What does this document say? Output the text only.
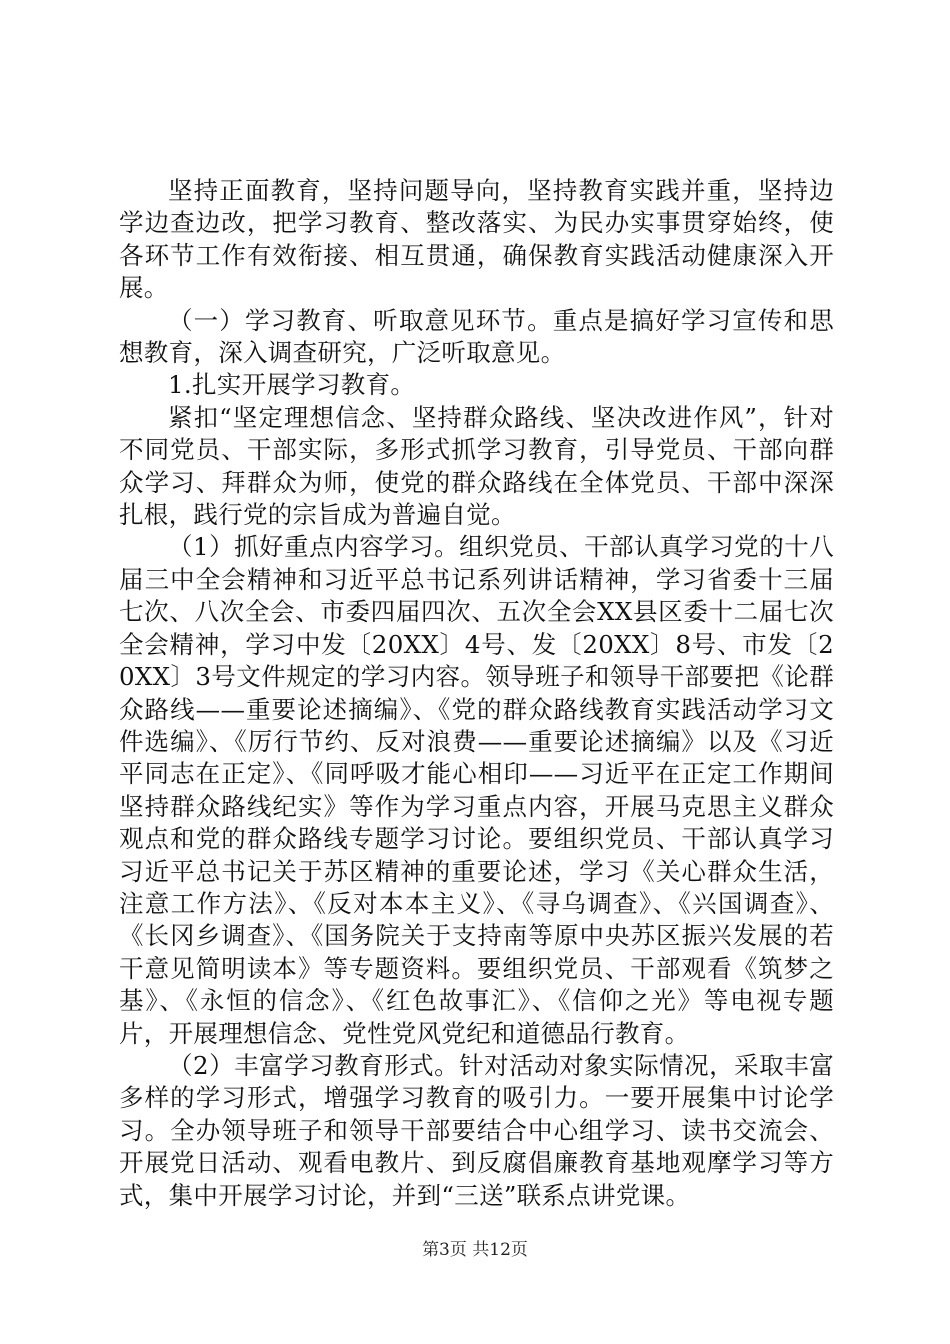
坚持正面教育，坚持问题导向，坚持教育实践并重，坚持边学边查边改，把学习教育、整改落实、为民办实事贯穿始终，使各环节工作有效衔接、相互贯通，确保教育实践活动健康深入开展。

（一）学习教育、听取意见环节。重点是搞好学习宣传和思想教育，深入调查研究，广泛听取意见。

1.扎实开展学习教育。

紧扣“坚定理想信念、坚持群众路线、坚决改进作风”，针对不同党员、干部实际，多形式抓学习教育，引导党员、干部向群众学习、拜群众为师，使党的群众路线在全体党员、干部中深深扎根，践行党的宗旨成为普遍自觉。

（1）抓好重点内容学习。组织党员、干部认真学习党的十八届三中全会精神和习近平总书记系列讲话精神，学习省委十三届七次、八次全会、市委四届四次、五次全会XX县区委十二届七次全会精神，学习中发〔20XX〕4号、发〔20XX〕8号、市发〔20XX〕3号文件规定的学习内容。领导班子和领导干部要把《论群众路线——重要论述摘编》、《党的群众路线教育实践活动学习文件选编》、《厉行节约、反对浪费——重要论述摘编》以及《习近平同志在正定》、《同呼吸才能心相印——习近平在正定工作期间坚持群众路线纪实》等作为学习重点内容，开展马克思主义群众观点和党的群众路线专题学习讨论。要组织党员、干部认真学习习近平总书记关于苏区精神的重要论述，学习《关心群众生活，注意工作方法》、《反对本本主义》、《寻乌调查》、《兴国调查》、《长冈乡调查》、《国务院关于支持南等原中央苏区振兴发展的若干意见简明读本》等专题资料。要组织党员、干部观看《筑梦之基》、《永恒的信念》、《红色故事汇》、《信仰之光》等电视专题片，开展理想信念、党性党风党纪和道德品行教育。

（2）丰富学习教育形式。针对活动对象实际情况，采取丰富多样的学习形式，增强学习教育的吸引力。一要开展集中讨论学习。全办领导班子和领导干部要结合中心组学习、读书交流会、开展党日活动、观看电教片、到反腐倡廉教育基地观摩学习等方式，集中开展学习讨论，并到“三送”联系点讲党课。

第3页 共12页
